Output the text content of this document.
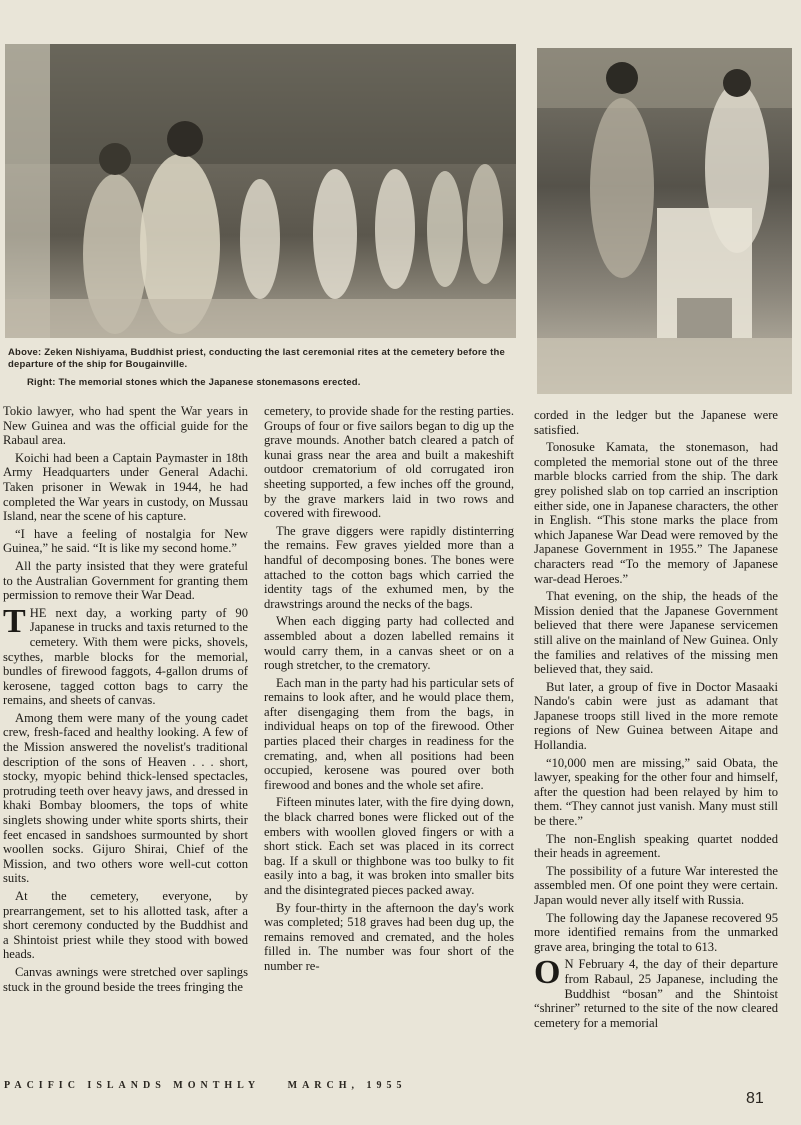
Above: Zeken Nishiyama, Buddhist priest, conducting the last ceremonial rites at the cemetery before the departure of the ship for Bougainville.
Right: The memorial stones which the Japanese stonemasons erected.

Tokio lawyer, who had spent the War years in New Guinea and was the official guide for the Rabaul area.

Koichi had been a Captain Paymaster in 18th Army Headquarters under General Adachi. Taken prisoner in Wewak in 1944, he had completed the War years in custody, on Mussau Island, near the scene of his capture.

“I have a feeling of nostalgia for New Guinea,” he said. “It is like my second home.”

All the party insisted that they were grateful to the Australian Government for granting them permission to remove their War Dead.

THE next day, a working party of 90 Japanese in trucks and taxis returned to the cemetery. With them were picks, shovels, scythes, marble blocks for the memorial, bundles of firewood faggots, 4-gallon drums of kerosene, tagged cotton bags to carry the remains, and sheets of canvas.

Among them were many of the young cadet crew, fresh-faced and healthy looking. A few of the Mission answered the novelist's traditional description of the sons of Heaven . . . short, stocky, myopic behind thick-lensed spectacles, protruding teeth over heavy jaws, and dressed in khaki Bombay bloomers, the tops of white singlets showing under white sports shirts, their feet encased in sandshoes surmounted by short woollen socks. Gijuro Shirai, Chief of the Mission, and two others wore well-cut cotton suits.

At the cemetery, everyone, by prearrangement, set to his allotted task, after a short ceremony conducted by the Buddhist and a Shintoist priest while they stood with bowed heads.

Canvas awnings were stretched over saplings stuck in the ground beside the trees fringing the

cemetery, to provide shade for the resting parties. Groups of four or five sailors began to dig up the grave mounds. Another batch cleared a patch of kunai grass near the area and built a makeshift outdoor crematorium of old corrugated iron sheeting supported, a few inches off the ground, by the grave markers laid in two rows and covered with firewood.

The grave diggers were rapidly distinterring the remains. Few graves yielded more than a handful of decomposing bones. The bones were attached to the cotton bags which carried the identity tags of the exhumed men, by the drawstrings around the necks of the bags.

When each digging party had collected and assembled about a dozen labelled remains it would carry them, in a canvas sheet or on a rough stretcher, to the crematory.

Each man in the party had his particular sets of remains to look after, and he would place them, after disengaging them from the bags, in individual heaps on top of the firewood. Other parties placed their charges in readiness for the cremating, and, when all positions had been occupied, kerosene was poured over both firewood and bones and the whole set afire.

Fifteen minutes later, with the fire dying down, the black charred bones were flicked out of the embers with woollen gloved fingers or with a short stick. Each set was placed in its correct bag. If a skull or thighbone was too bulky to fit easily into a bag, it was broken into smaller bits and the disintegrated pieces packed away.

By four-thirty in the afternoon the day's work was completed; 518 graves had been dug up, the remains removed and cremated, and the holes filled in. The number was four short of the number re-

corded in the ledger but the Japanese were satisfied.

Tonosuke Kamata, the stonemason, had completed the memorial stone out of the three marble blocks carried from the ship. The dark grey polished slab on top carried an inscription either side, one in Japanese characters, the other in English. “This stone marks the place from which Japanese War Dead were removed by the Japanese Government in 1955.” The Japanese characters read “To the memory of Japanese war-dead Heroes.”

That evening, on the ship, the heads of the Mission denied that the Japanese Government believed that there were Japanese servicemen still alive on the mainland of New Guinea. Only the families and relatives of the missing men believed that, they said.

But later, a group of five in Doctor Masaaki Nando's cabin were just as adamant that Japanese troops still lived in the more remote regions of New Guinea between Aitape and Hollandia.

“10,000 men are missing,” said Obata, the lawyer, speaking for the other four and himself, after the question had been relayed by him to them. “They cannot just vanish. Many must still be there.”

The non-English speaking quartet nodded their heads in agreement.

The possibility of a future War interested the assembled men. Of one point they were certain. Japan would never ally itself with Russia.

The following day the Japanese recovered 95 more identified remains from the unmarked grave area, bringing the total to 613.

O N February 4, the day of their departure from Rabaul, 25 Japanese, including the Buddhist “bosan” and the Shintoist “shriner” returned to the site of the now cleared cemetery for a memorial

PACIFIC ISLANDS MONTHLY	MARCH, 1955
81
